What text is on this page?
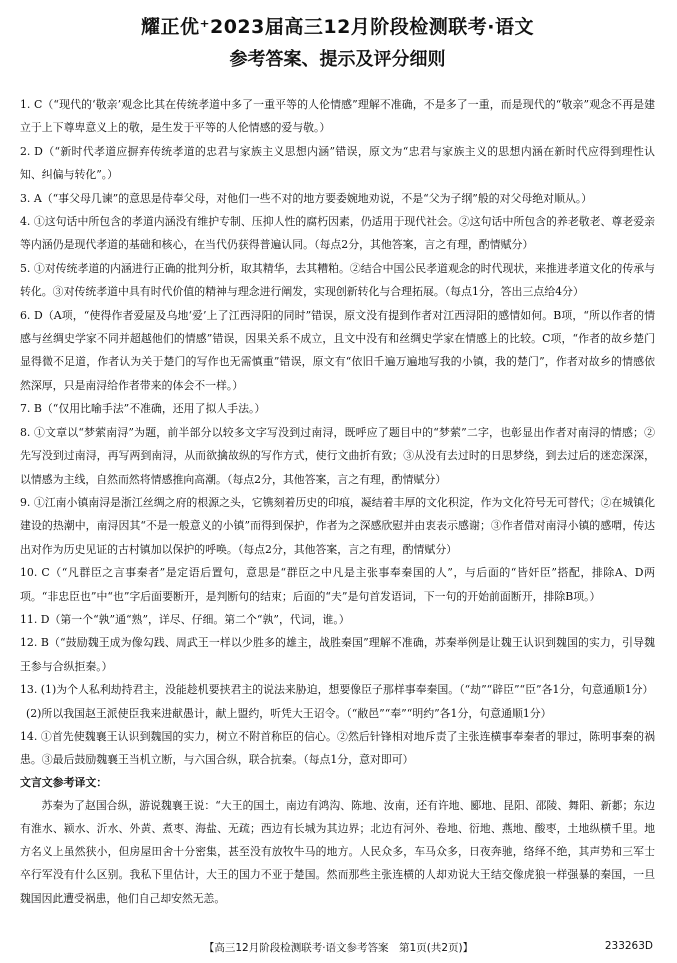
耀正优⁺2023届高三12月阶段检测联考·语文
参考答案、提示及评分细则
1. C（“现代的‘敬亲’观念比其在传统孝道中多了一重平等的人伦情感”理解不准确，不是多了一重，而是现代的“敬亲”观念不再是建立于上下尊卑意义上的敬，是生发于平等的人伦情感的爱与敬。）
2. D（“新时代孝道应摒弃传统孝道的忠君与家族主义思想内涵”错误，原文为“忠君与家族主义的思想内涵在新时代应得到理性认知、纠偏与转化”。）
3. A（“事父母几谏”的意思是侍奉父母，对他们一些不对的地方要委婉地劝说，不是“父为子纲”般的对父母绝对顺从。）
4. ①这句话中所包含的孝道内涵没有维护专制、压抑人性的腐朽因素，仍适用于现代社会。②这句话中所包含的养老敬老、尊老爱亲等内涵仍是现代孝道的基础和核心，在当代仍获得普遍认同。（每点2分，其他答案，言之有理，酌情赋分）
5. ①对传统孝道的内涵进行正确的批判分析，取其精华，去其糟粕。②结合中国公民孝道观念的时代现状，来推进孝道文化的传承与转化。③对传统孝道中具有时代价值的精神与理念进行阐发，实现创新转化与合理拓展。（每点1分，答出三点给4分）
6. D（A项，“使得作者爱屋及乌地‘爱’上了江西浔阳的同时”错误，原文没有提到作者对江西浔阳的感情如何。B项，“所以作者的情感与丝绸史学家不同并超越他们的情感”错误，因果关系不成立，且文中没有和丝绸史学家在情感上的比较。C项，“作者的故乡楚门显得微不足道，作者认为关于楚门的写作也无需慎重”错误，原文有“依旧千遍万遍地写我的小镇，我的楚门”，作者对故乡的情感依然深厚，只是南浔给作者带来的体会不一样。）
7. B（“仅用比喻手法”不准确，还用了拟人手法。）
8. ①文章以“梦萦南浔”为题，前半部分以较多文字写没到过南浔，既呼应了题目中的“梦萦”二字，也彰显出作者对南浔的情感；②先写没到过南浔，再写两到南浔，从而欲擒故纵的写作方式，使行文曲折有致；③从没有去过时的日思梦绕，到去过后的迷恋深深，以情感为主线，自然而然将情感推向高潮。（每点2分，其他答案，言之有理，酌情赋分）
9. ①江南小镇南浔是浙江丝绸之府的根源之头，它镌刻着历史的印痕，凝结着丰厚的文化积淀，作为文化符号无可替代；②在城镇化建设的热潮中，南浔因其“不是一般意义的小镇”而得到保护，作者为之深感欣慰并由衷表示感谢；③作者借对南浔小镇的感喟，传达出对作为历史见证的古村镇加以保护的呼唤。（每点2分，其他答案，言之有理，酌情赋分）
10. C（“凡群臣之言事秦者”是定语后置句，意思是“群臣之中凡是主张事奉秦国的人”，与后面的“皆奸臣”搭配，排除A、D两项。“非忠臣也”中“也”字后面要断开，是判断句的结束；后面的“夫”是句首发语词，下一句的开始前面断开，排除B项。）
11. D（第一个“孰”通“熟”，详尽、仔细。第二个“孰”，代词，谁。）
12. B（“鼓励魏王成为像勾践、周武王一样以少胜多的雄主，战胜秦国”理解不准确，苏秦举例是让魏王认识到魏国的实力，引导魏王参与合纵拒秦。）
13. (1)为个人私利劫持君主，没能趁机要挟君主的说法来胁迫，想要像臣子那样事奉秦国。（“劫”“辟臣”“臣”各1分，句意通顺1分）
(2)所以我国赵王派使臣我来进献愚计，献上盟约，听凭大王诏令。（“敝邑”“奉”“明约”各1分，句意通顺1分）
14. ①首先使魏襄王认识到魏国的实力，树立不附首称臣的信心。②然后针锋相对地斥责了主张连横事奉秦者的罪过，陈明事秦的祸患。③最后鼓励魏襄王当机立断，与六国合纵，联合抗秦。（每点1分，意对即可）
文言文参考译文：
苏秦为了赵国合纵，游说魏襄王说：“大王的国土，南边有鸿沟、陈地、汝南，还有许地、郾地、昆阳、邵陵、舞阳、新郪；东边有淮水、颍水、沂水、外黄、煮枣、海盐、无疏；西边有长城为其边界；北边有河外、卷地、衍地、燕地、酸枣，土地纵横千里。地方名义上虽然狭小，但房屋田舍十分密集，甚至没有放牧牛马的地方。人民众多，车马众多，日夜奔驰，络绎不绝，其声势和三军士卒行军没有什么区别。我私下里估计，大王的国力不亚于楚国。然而那些主张连横的人却劝说大王结交像虎狼一样强暴的秦国，一旦魏国因此遭受祸患，他们自己却安然无恙。
【高三12月阶段检测联考·语文参考答案　第1页(共2页)】	233263D
